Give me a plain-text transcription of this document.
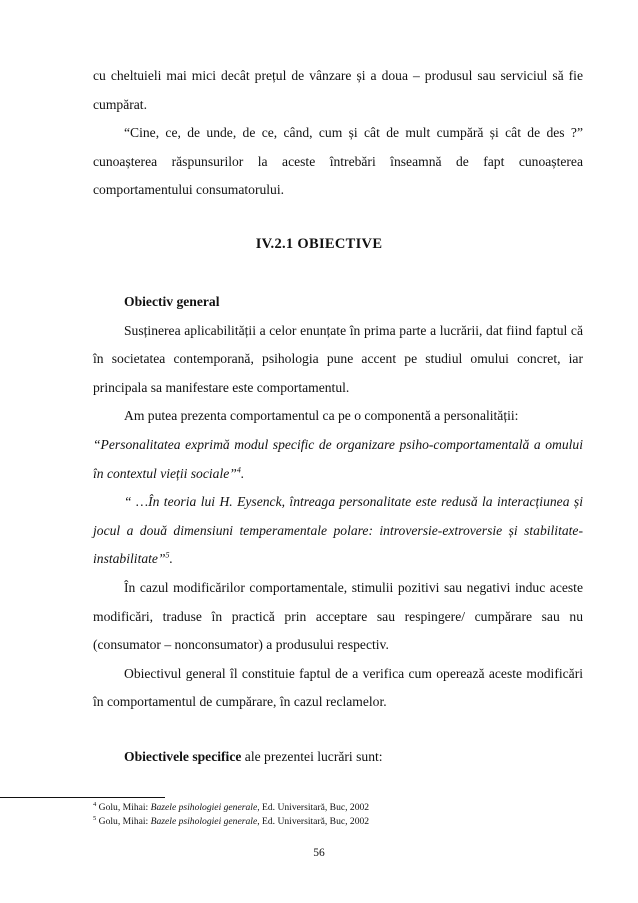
cu cheltuieli mai mici decât prețul de vânzare și a doua – produsul sau serviciul să fie cumpărat.

“Cine, ce, de unde, de ce, când, cum și cât de mult cumpără și cât de des ?” cunoașterea răspunsurilor la aceste întrebări înseamnă de fapt cunoașterea comportamentului consumatorului.

IV.2.1 OBIECTIVE

Obiectiv general

Susținerea aplicabilității a celor enunțate în prima parte a lucrării, dat fiind faptul că în societatea contemporană, psihologia pune accent pe studiul omului concret, iar principala sa manifestare este comportamentul.

Am putea prezenta comportamentul ca pe o componentă a personalității:

“Personalitatea exprimă modul specific de organizare psiho-comportamentală a omului în contextul vieții sociale”$^4$.

“ …În teoria lui H. Eysenck, întreaga personalitate este redusă la interacțiunea și jocul a două dimensiuni temperamentale polare: introversie-extroversie și stabilitate- instabilitate”$^5$.

În cazul modificărilor comportamentale, stimulii pozitivi sau negativi induc aceste modificări, traduse în practică prin acceptare sau respingere/ cumpărare sau nu (consumator – nonconsumator) a produsului respectiv.

Obiectivul general îl constituie faptul de a verifica cum operează aceste modificări în comportamentul de cumpărare, în cazul reclamelor.

Obiectivele specifice ale prezentei lucrări sunt:

$^4$ Golu, Mihai: Bazele psihologiei generale, Ed. Universitară, Buc, 2002
$^5$ Golu, Mihai: Bazele psihologiei generale, Ed. Universitară, Buc, 2002
56
